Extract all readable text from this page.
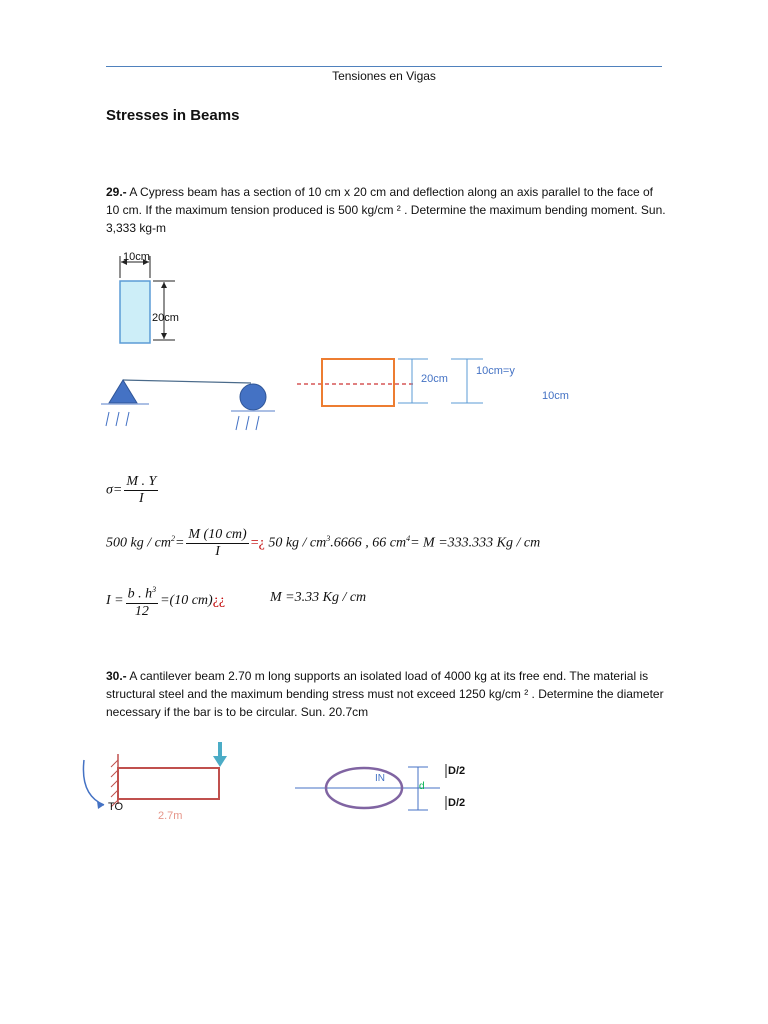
Tensiones en Vigas
Stresses in Beams
29.- A Cypress beam has a section of 10 cm x 20 cm and deflection along an axis parallel to the face of 10 cm. If the maximum tension produced is 500 kg/cm ² . Determine the maximum bending moment. Sun. 3,333 kg-m
10cm
20cm
20cm
10cm=y
10cm
$\sigma= \frac{M . Y}{I}$
500 kg / $cm^2= \frac{M (10 cm)}{I}$ =¿ 50 kg / $cm^3.6666$ , 66 $cm^4= M =333.333$ Kg / cm
$I = \frac{b . h^3}{12} =(10$ cm)¿¿	M =3.33 Kg / cm
30.- A cantilever beam 2.70 m long supports an isolated load of 4000 kg at its free end. The material is structural steel and the maximum bending stress must not exceed 1250 kg/cm ² . Determine the diameter necessary if the bar is to be circular. Sun. 20.7cm
TO
2.7m
IN
d
D/2
D/2
